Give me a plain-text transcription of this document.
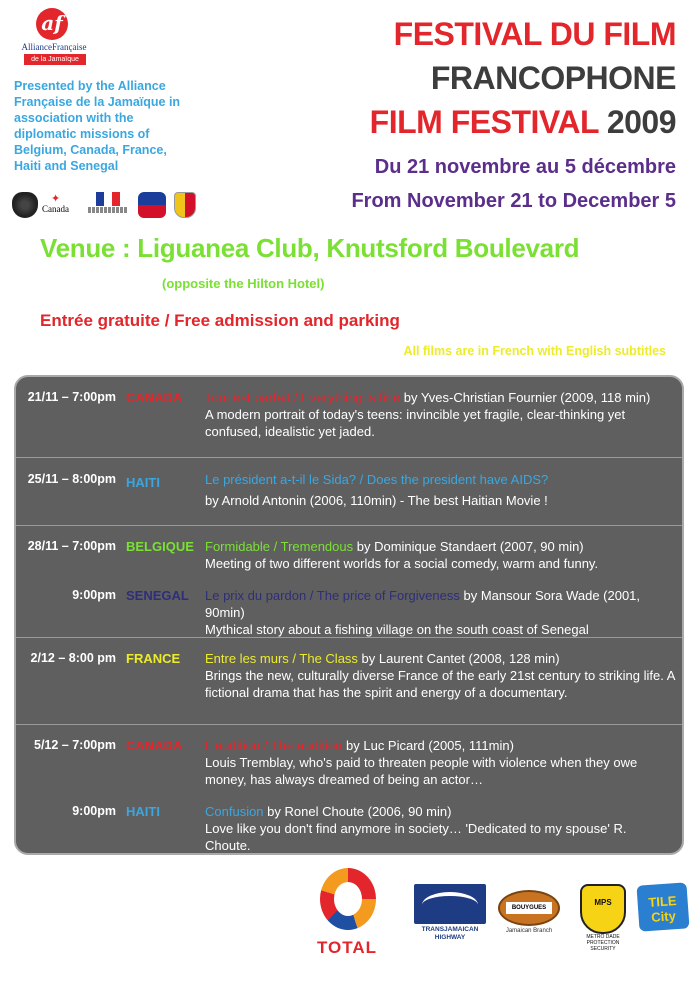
af
AllianceFrançaise
de la Jamaïque
Presented by the Alliance Française de la Jamaïque in association with the diplomatic missions of Belgium, Canada, France, Haiti and Senegal
✦
Canada
FESTIVAL DU FILM
FRANCOPHONE
FILM FESTIVAL 2009
Du 21 novembre au 5 décembre
From November 21 to December 5
Venue : Liguanea Club, Knutsford Boulevard
(opposite the Hilton Hotel)
Entrée gratuite / Free admission and parking
All films are in French with English subtitles
21/11 – 7:00pm CANADA Tout est parfait / Everything is fine by Yves-Christian Fournier (2009, 118 min)
A modern portrait of today's teens: invincible yet fragile, clear-thinking yet confused, idealistic yet jaded.
25/11 – 8:00pm HAITI	Le président a-t-il le Sida? / Does the president have AIDS?
by Arnold Antonin (2006, 110min) - The best Haitian Movie !
28/11 – 7:00pm BELGIQUE Formidable / Tremendous by Dominique Standaert (2007, 90 min)
Meeting of two different worlds for a social comedy, warm and funny.
9:00pm SENEGAL Le prix du pardon / The price of Forgiveness by Mansour Sora Wade (2001, 90min)
Mythical story about a fishing village on the south coast of Senegal
2/12 – 8:00 pm FRANCE Entre les murs / The Class by Laurent Cantet (2008, 128 min)
Brings the new, culturally diverse France of the early 21st century to striking life. A fictional drama that has the spirit and energy of a documentary.
5/12 – 7:00pm CANADA L'audition / The audition by Luc Picard (2005, 111min)
Louis Tremblay, who's paid to threaten people with violence when they owe money, has always dreamed of being an actor…
9:00pm HAITI	Confusion by Ronel Choute (2006, 90 min)
Love like you don't find anymore in society… 'Dedicated to my spouse' R. Choute.
TOTAL
TRANSJAMAICAN HIGHWAY
BOUYGUES
Jamaican Branch
MPS
METRO DADE PROTECTION SECURITY
TILE City
